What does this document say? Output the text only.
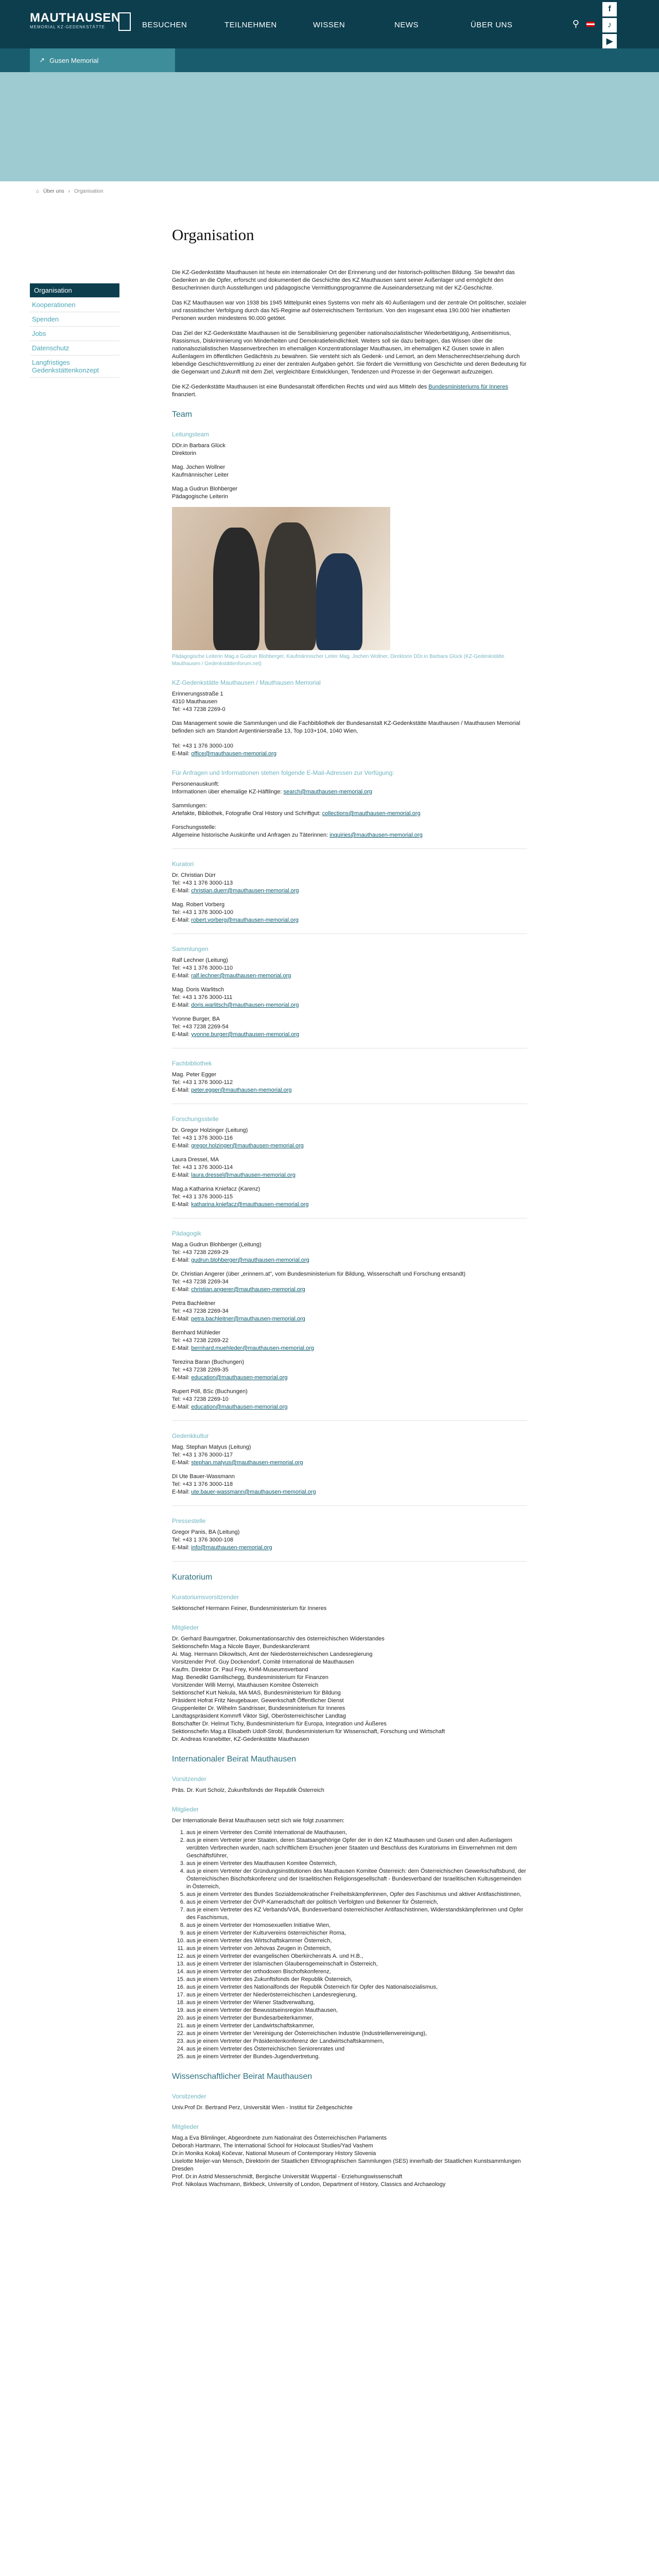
MAUTHAUSEN
MEMORIAL KZ-GEDENKSTÄTTE	BESUCHEN	TEILNEHMEN	WISSEN	NEWS	ÜBER UNS	⚲
f
♪
▶
↗ Gusen Memorial
⌂ Über uns › Organisation
Organisation
Kooperationen
Spenden
Jobs
Datenschutz
Langfristiges Gedenkstättenkonzept
Organisation
Die KZ-Gedenkstätte Mauthausen ist heute ein internationaler Ort der Erinnerung und der historisch-politischen Bildung. Sie bewahrt das Gedenken an die Opfer, erforscht und dokumentiert die Geschichte des KZ Mauthausen samt seiner Außenlager und ermöglicht den Besucherinnen durch Ausstellungen und pädagogische Vermittlungsprogramme die Auseinandersetzung mit der KZ-Geschichte.
Das KZ Mauthausen war von 1938 bis 1945 Mittelpunkt eines Systems von mehr als 40 Außenlagern und der zentrale Ort politischer, sozialer und rassistischer Verfolgung durch das NS-Regime auf österreichischem Territorium. Von den insgesamt etwa 190.000 hier inhaftierten Personen wurden mindestens 90.000 getötet.
Das Ziel der KZ-Gedenkstätte Mauthausen ist die Sensibilisierung gegenüber nationalsozialistischer Wiederbetätigung, Antisemitismus, Rassismus, Diskriminierung von Minderheiten und Demokratiefeindlichkeit. Weiters soll sie dazu beitragen, das Wissen über die nationalsozialistischen Massenverbrechen im ehemaligen Konzentrationslager Mauthausen, im ehemaligen KZ Gusen sowie in allen Außenlagern im öffentlichen Gedächtnis zu bewahren. Sie versteht sich als Gedenk- und Lernort, an dem Menschenrechtserziehung durch lebendige Geschichtsvermittlung zu einer der zentralen Aufgaben gehört. Sie fördert die Vermittlung von Geschichte und deren Bedeutung für die Gegenwart und Zukunft mit dem Ziel, vergleichbare Entwicklungen, Tendenzen und Prozesse in der Gegenwart aufzuzeigen.
Die KZ-Gedenkstätte Mauthausen ist eine Bundesanstalt öffentlichen Rechts und wird aus Mitteln des Bundesministeriums für Inneres finanziert.
Team
Leitungsteam
DDr.in Barbara Glück
Direktorin
Mag. Jochen Wollner
Kaufmännischer Leiter
Mag.a Gudrun Blohberger
Pädagogische Leiterin
Pädagogische Leiterin Mag.a Gudrun Blohberger, Kaufmännischer Leiter Mag. Jochen Wollner, Direktorin DDr.in Barbara Glück (KZ-Gedenkstätte Mauthausen / Gedenkstättenforum.net)
KZ-Gedenkstätte Mauthausen / Mauthausen Memorial
Erinnerungsstraße 1
4310 Mauthausen
Tel: +43 7238 2269-0
Das Management sowie die Sammlungen und die Fachbibliothek der Bundesanstalt KZ-Gedenkstätte Mauthausen / Mauthausen Memorial befinden sich am Standort Argentinierstraße 13, Top 103+104, 1040 Wien,
Tel: +43 1 376 3000-100
E-Mail: office@mauthausen-memorial.org
Für Anfragen und Informationen stehen folgende E-Mail-Adressen zur Verfügung:
Personenauskunft:
Informationen über ehemalige KZ-Häftlinge: search@mauthausen-memorial.org
Sammlungen:
Artefakte, Bibliothek, Fotografie Oral History und Schriftgut: collections@mauthausen-memorial.org
Forschungsstelle:
Allgemeine historische Auskünfte und Anfragen zu Täterinnen: inquiries@mauthausen-memorial.org
Kuratori
Dr. Christian Dürr
Tel: +43 1 376 3000-113
E-Mail: christian.duerr@mauthausen-memorial.org
Mag. Robert Vorberg
Tel: +43 1 376 3000-100
E-Mail: robert.vorberg@mauthausen-memorial.org
Sammlungen
Ralf Lechner (Leitung)
Tel: +43 1 376 3000-110
E-Mail: ralf.lechner@mauthausen-memorial.org
Mag. Doris Warlitsch
Tel: +43 1 376 3000-111
E-Mail: doris.warlitsch@mauthausen-memorial.org
Yvonne Burger, BA
Tel: +43 7238 2269-54
E-Mail: yvonne.burger@mauthausen-memorial.org
Fachbibliothek
Mag. Peter Egger
Tel: +43 1 376 3000-112
E-Mail: peter.egger@mauthausen-memorial.org
Forschungsstelle
Dr. Gregor Holzinger (Leitung)
Tel: +43 1 376 3000-116
E-Mail: gregor.holzinger@mauthausen-memorial.org
Laura Dressel, MA
Tel: +43 1 376 3000-114
E-Mail: laura.dressel@mauthausen-memorial.org
Mag.a Katharina Kniefacz (Karenz)
Tel: +43 1 376 3000-115
E-Mail: katharina.kniefacz@mauthausen-memorial.org
Pädagogik
Mag.a Gudrun Blohberger (Leitung)
Tel: +43 7238 2269-29
E-Mail: gudrun.blohberger@mauthausen-memorial.org
Dr. Christian Angerer (über „erinnern.at", vom Bundesministerium für Bildung, Wissenschaft und Forschung entsandt)
Tel: +43 7238 2269-34
E-Mail: christian.angerer@mauthausen-memorial.org
Petra Bachleitner
Tel: +43 7238 2269-34
E-Mail: petra.bachleitner@mauthausen-memorial.org
Bernhard Mühleder
Tel: +43 7238 2269-22
E-Mail: bernhard.muehleder@mauthausen-memorial.org
Terezina Baran (Buchungen)
Tel: +43 7238 2269-35
E-Mail: education@mauthausen-memorial.org
Rupert Pöll, BSc (Buchungen)
Tel: +43 7238 2269-10
E-Mail: education@mauthausen-memorial.org
Gedenkkultur
Mag. Stephan Matyus (Leitung)
Tel: +43 1 376 3000-117
E-Mail: stephan.matyus@mauthausen-memorial.org
DI Ute Bauer-Wassmann
Tel: +43 1 376 3000-118
E-Mail: ute.bauer-wassmann@mauthausen-memorial.org
Pressestelle
Gregor Panis, BA (Leitung)
Tel: +43 1 376 3000-108
E-Mail: info@mauthausen-memorial.org
Kuratorium
Kuratoriumsvorsitzender
Sektionschef Hermann Feiner, Bundesministerium für Inneres
Mitglieder
Dr. Gerhard Baumgartner, Dokumentationsarchiv des österreichischen Widerstandes
Sektionschefin Mag.a Nicole Bayer, Bundeskanzleramt
Ai. Mag. Hermann Dikowitsch, Amt der Niederösterreichischen Landesregierung
Vorsitzender Prof. Guy Dockendorf, Comité International de Mauthausen
Kaufm. Direktor Dr. Paul Frey, KHM-Museumsverband
Mag. Benedikt Gamillschegg, Bundesministerium für Finanzen
Vorsitzender Willi Mernyi, Mauthausen Komitee Österreich
Sektionschef Kurt Nekula, MA MAS, Bundesministerium für Bildung
Präsident Hofrat Fritz Neugebauer, Gewerkschaft Öffentlicher Dienst
Gruppenleiter Dr. Wilhelm Sandrisser, Bundesministerium für Inneres
Landtagspräsident Kommrfl Viktor Sigl, Oberösterreichischer Landtag
Botschafter Dr. Helmut Tichy, Bundesministerium für Europa, Integration und Äußeres
Sektionschefin Mag.a Elisabeth Udolf-Strobl, Bundesministerium für Wissenschaft, Forschung und Wirtschaft
Dr. Andreas Kranebitter, KZ-Gedenkstätte Mauthausen
Internationaler Beirat Mauthausen
Vorsitzender
Präs. Dr. Kurt Scholz, Zukunftsfonds der Republik Österreich
Mitglieder
Der Internationale Beirat Mauthausen setzt sich wie folgt zusammen:
1. aus je einem Vertreter des Comité International de Mauthausen,
2. aus je einem Vertreter jener Staaten, deren Staatsangehörige Opfer der in den KZ Mauthausen und Gusen und allen Außenlagern verübten Verbrechen wurden, nach schriftlichem Ersuchen jener Staaten und Beschluss des Kuratoriums im Einvernehmen mit dem Geschäftsführer,
3. aus je einem Vertreter des Mauthausen Komitee Österreich,
4. aus je einem Vertreter der Gründungsinstitutionen des Mauthausen Komitee Österreich: dem Österreichischen Gewerkschaftsbund, der Österreichischen Bischofskonferenz und der Israelitischen Religionsgesellschaft - Bundesverband der Israelitischen Kultusgemeinden in Österreich,
5. aus je einem Vertreter des Bundes Sozialdemokratischer Freiheitskämpferinnen, Opfer des Faschismus und aktiver Antifaschistinnen,
6. aus je einem Vertreter der ÖVP-Kameradschaft der politisch Verfolgten und Bekenner für Österreich,
7. aus je einem Vertreter des KZ Verbands/VdA, Bundesverband österreichischer Antifaschistinnen, Widerstandskämpferinnen und Opfer des Faschismus,
8. aus je einem Vertreter der Homosexuellen Initiative Wien,
9. aus je einem Vertreter der Kulturvereins österreichischer Roma,
10. aus je einem Vertreter des Wirtschaftskammer Österreich,
11. aus je einem Vertreter von Jehovas Zeugen in Österreich,
12. aus je einem Vertreter der evangelischen Oberkirchenrats A. und H.B.,
13. aus je einem Vertreter der Islamischen Glaubensgemeinschaft in Österreich,
14. aus je einem Vertreter der orthodoxen Bischofskonferenz,
15. aus je einem Vertreter des Zukunftsfonds der Republik Österreich,
16. aus je einem Vertreter des Nationalfonds der Republik Österreich für Opfer des Nationalsozialismus,
17. aus je einem Vertreter der Niederösterreichischen Landesregierung,
18. aus je einem Vertreter der Wiener Stadtverwaltung,
19. aus je einem Vertreter der Bewusstseinsregion Mauthausen,
20. aus je einem Vertreter der Bundesarbeiterkammer,
21. aus je einem Vertreter der Landwirtschaftskammer,
22. aus je einem Vertreter der Vereinigung der Österreichischen Industrie (Industriellenvereinigung),
23. aus je einem Vertreter der Präsidentenkonferenz der Landwirtschaftskammern,
24. aus je einem Vertreter des Österreichischen Seniorenrates und
25. aus je einem Vertreter der Bundes-Jugendvertretung.
Wissenschaftlicher Beirat Mauthausen
Vorsitzender
Univ.Prof Dr. Bertrand Perz, Universität Wien - Institut für Zeitgeschichte
Mitglieder
Mag.a Eva Blimlinger, Abgeordnete zum Nationalrat des Österreichischen Parlaments
Deborah Hartmann, The International School for Holocaust Studies/Yad Vashem
Dr.in Monika Kokalj Kočevar, National Museum of Contemporary History Slovenia
Liselotte Meijer-van Mensch, Direktorin der Staatlichen Ethnographischen Sammlungen (SES) innerhalb der Staatlichen Kunstsammlungen Dresden
Prof. Dr.in Astrid Messerschmidt, Bergische Universität Wuppertal - Erziehungswissenschaft
Prof. Nikolaus Wachsmann, Birkbeck, University of London, Department of History, Classics and Archaeology
